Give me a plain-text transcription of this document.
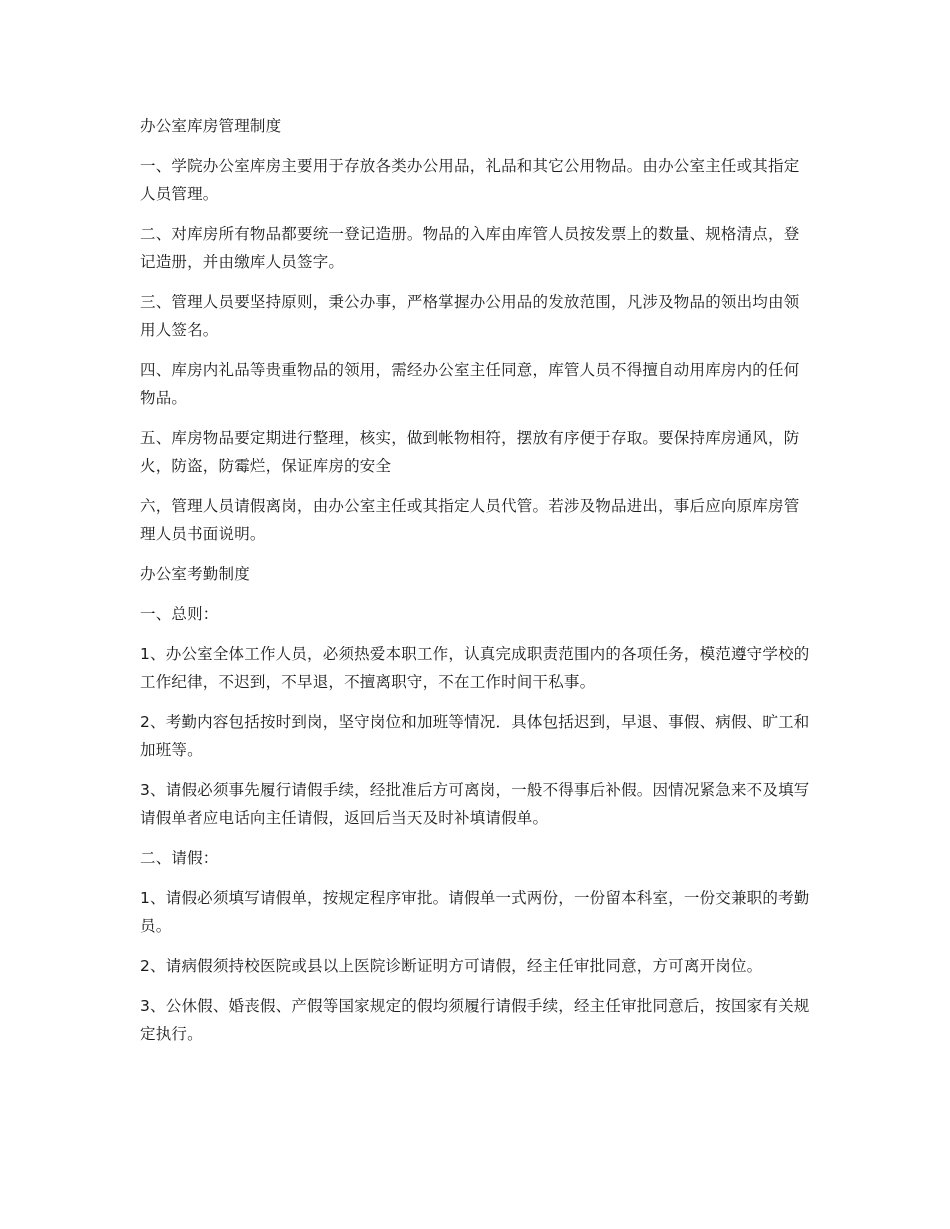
办公室库房管理制度
一、学院办公室库房主要用于存放各类办公用品，礼品和其它公用物品。由办公室主任或其指定人员管理。
二、对库房所有物品都要统一登记造册。物品的入库由库管人员按发票上的数量、规格清点，登记造册，并由缴库人员签字。
三、管理人员要坚持原则，秉公办事，严格掌握办公用品的发放范围，凡涉及物品的领出均由领用人签名。
四、库房内礼品等贵重物品的领用，需经办公室主任同意，库管人员不得擅自动用库房内的任何物品。
五、库房物品要定期进行整理，核实，做到帐物相符，摆放有序便于存取。要保持库房通风，防火，防盗，防霉烂，保证库房的安全
六，管理人员请假离岗，由办公室主任或其指定人员代管。若涉及物品进出，事后应向原库房管理人员书面说明。
办公室考勤制度
一、总则：
1、办公室全体工作人员，必须热爱本职工作，认真完成职责范围内的各项任务，模范遵守学校的工作纪律，不迟到，不早退，不擅离职守，不在工作时间干私事。
2、考勤内容包括按时到岗，坚守岗位和加班等情况．具体包括迟到，早退、事假、病假、旷工和加班等。
3、请假必须事先履行请假手续，经批准后方可离岗，一般不得事后补假。因情况紧急来不及填写请假单者应电话向主任请假，返回后当天及时补填请假单。
二、请假：
1、请假必须填写请假单，按规定程序审批。请假单一式两份，一份留本科室，一份交兼职的考勤员。
2、请病假须持校医院或县以上医院诊断证明方可请假，经主任审批同意，方可离开岗位。
3、公休假、婚丧假、产假等国家规定的假均须履行请假手续，经主任审批同意后，按国家有关规定执行。
